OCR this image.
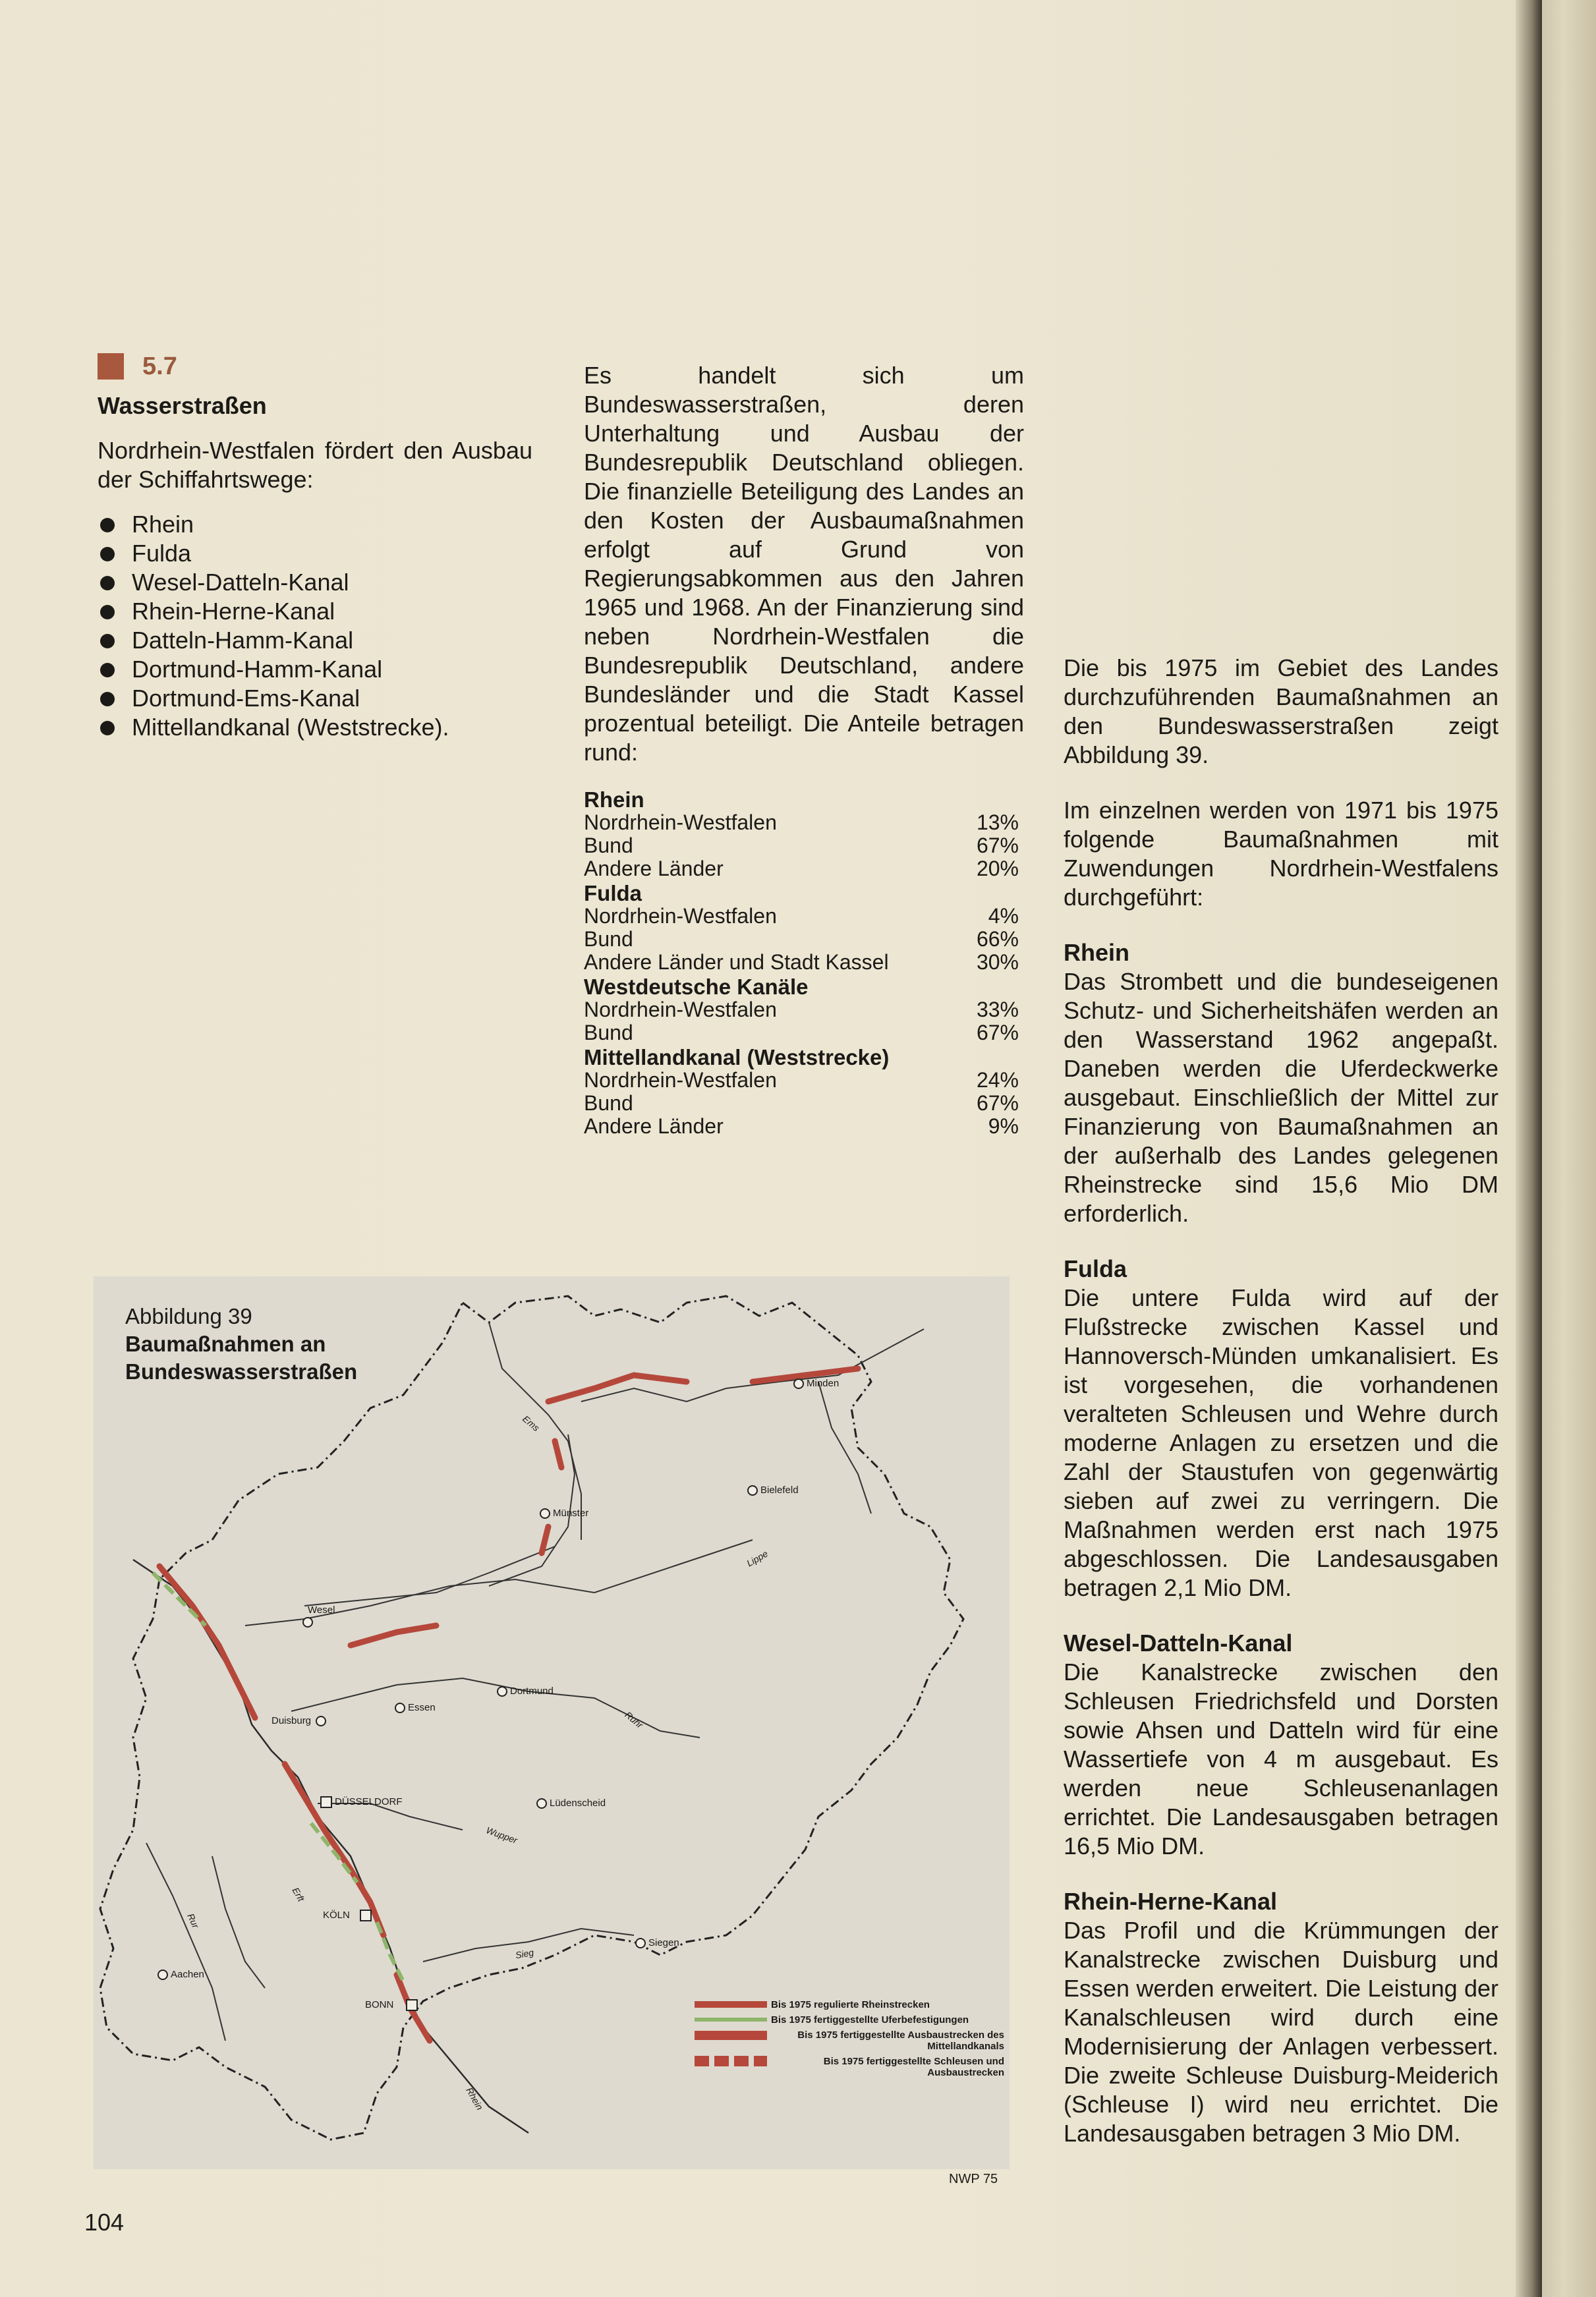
5.7
Wasserstraßen
Nordrhein-Westfalen fördert den Ausbau der Schiffahrtswege:
Rhein
Fulda
Wesel-Datteln-Kanal
Rhein-Herne-Kanal
Datteln-Hamm-Kanal
Dortmund-Hamm-Kanal
Dortmund-Ems-Kanal
Mittellandkanal (Weststrecke).
Es handelt sich um Bundeswasserstraßen, deren Unterhaltung und Ausbau der Bundesrepublik Deutschland obliegen. Die finanzielle Beteiligung des Landes an den Kosten der Ausbaumaßnahmen erfolgt auf Grund von Regierungsabkommen aus den Jahren 1965 und 1968. An der Finanzierung sind neben Nordrhein-Westfalen die Bundesrepublik Deutschland, andere Bundesländer und die Stadt Kassel prozentual beteiligt. Die Anteile betragen rund:
Rhein	
Nordrhein-Westfalen	13%
Bund	67%
Andere Länder	20%
Fulda	
Nordrhein-Westfalen	4%
Bund	66%
Andere Länder und Stadt Kassel	30%
Westdeutsche Kanäle	
Nordrhein-Westfalen	33%
Bund	67%
Mittellandkanal (Weststrecke)	
Nordrhein-Westfalen	24%
Bund	67%
Andere Länder	9%
Abbildung 39
Baumaßnahmen an Bundeswasserstraßen	Minden
Bielefeld
Münster
Wesel
Dortmund
Essen
Duisburg
DÜSSELDORF	Lüdenscheid
KÖLN
Siegen
BONN
Aachen
Ems
Lippe
Ruhr
Wupper
Sieg
Rhein
Erft
Rur
Bis 1975 regulierte Rheinstrecken
Bis 1975 fertiggestellte Uferbefestigungen
Bis 1975 fertiggestellte Ausbaustrecken des Mittellandkanals
Bis 1975 fertiggestellte Schleusen und Ausbaustrecken
NWP 75

Die bis 1975 im Gebiet des Landes durchzuführenden Baumaßnahmen an den Bundeswasserstraßen zeigt Abbildung 39.

Im einzelnen werden von 1971 bis 1975 folgende Baumaßnahmen mit Zuwendungen Nordrhein-Westfalens durchgeführt:

Rhein

Das Strombett und die bundeseigenen Schutz- und Sicherheitshäfen werden an den Wasserstand 1962 angepaßt. Daneben werden die Uferdeckwerke ausgebaut. Einschließlich der Mittel zur Finanzierung von Baumaßnahmen an der außerhalb des Landes gelegenen Rheinstrecke sind 15,6 Mio DM erforderlich.

Fulda

Die untere Fulda wird auf der Flußstrecke zwischen Kassel und Hannoversch-Münden umkanalisiert. Es ist vorgesehen, die vorhandenen veralteten Schleusen und Wehre durch moderne Anlagen zu ersetzen und die Zahl der Staustufen von gegenwärtig sieben auf zwei zu verringern. Die Maßnahmen werden erst nach 1975 abgeschlossen. Die Landesausgaben betragen 2,1 Mio DM.

Wesel-Datteln-Kanal

Die Kanalstrecke zwischen den Schleusen Friedrichsfeld und Dorsten sowie Ahsen und Datteln wird für eine Wassertiefe von 4 m ausgebaut. Es werden neue Schleusenanlagen errichtet. Die Landesausgaben betragen 16,5 Mio DM.

Rhein-Herne-Kanal

Das Profil und die Krümmungen der Kanalstrecke zwischen Duisburg und Essen werden erweitert. Die Leistung der Kanalschleusen wird durch eine Modernisierung der Anlagen verbessert. Die zweite Schleuse Duisburg-Meiderich (Schleuse I) wird neu errichtet. Die Landesausgaben betragen 3 Mio DM.

104
